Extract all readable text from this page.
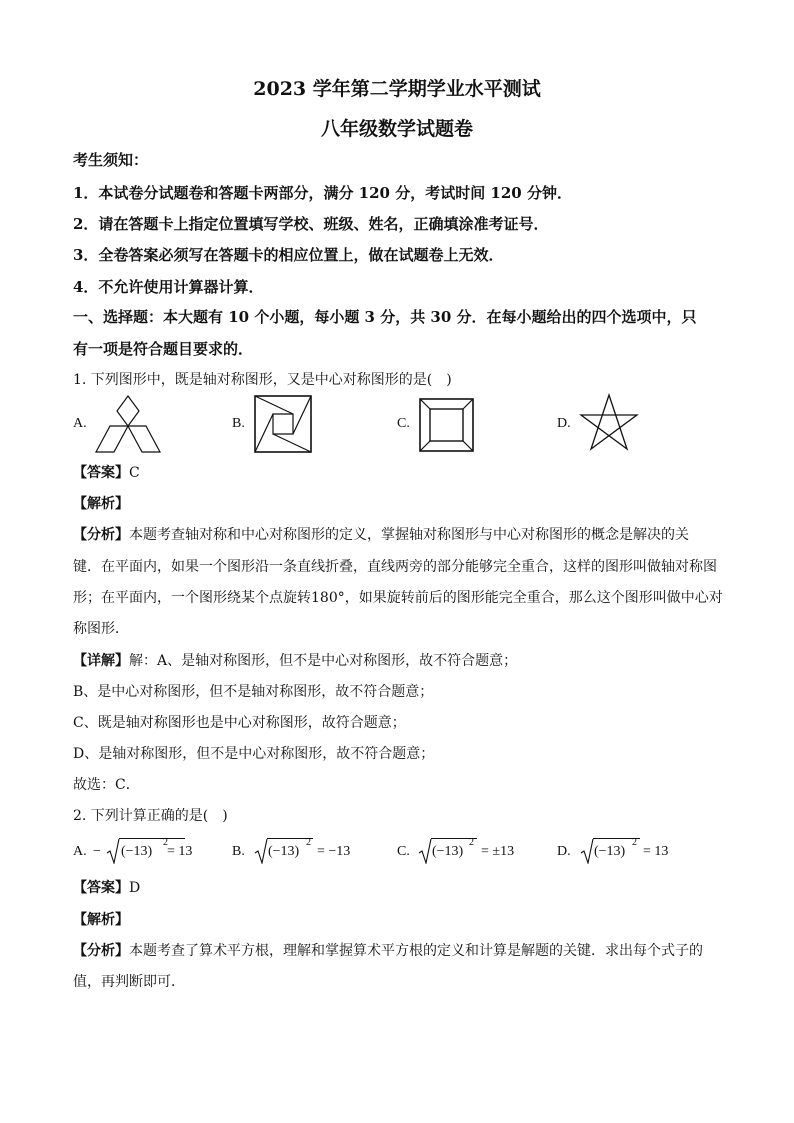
2023 学年第二学期学业水平测试
八年级数学试题卷
考生须知：
1．本试卷分试题卷和答题卡两部分，满分 120 分，考试时间 120 分钟．
2．请在答题卡上指定位置填写学校、班级、姓名，正确填涂准考证号．
3．全卷答案必须写在答题卡的相应位置上，做在试题卷上无效．
4．不允许使用计算器计算．
一、选择题：本大题有 10 个小题，每小题 3 分，共 30 分．在每小题给出的四个选项中，只
有一项是符合题目要求的．
1. 下列图形中，既是轴对称图形，又是中心对称图形的是(　)
A.	B.	C.	D.
【答案】C
【解析】
【分析】本题考查轴对称和中心对称图形的定义，掌握轴对称图形与中心对称图形的概念是解决的关
键．在平面内，如果一个图形沿一条直线折叠，直线两旁的部分能够完全重合，这样的图形叫做轴对称图
形；在平面内，一个图形绕某个点旋转180°，如果旋转前后的图形能完全重合，那么这个图形叫做中心对
称图形．
【详解】解：A、是轴对称图形，但不是中心对称图形，故不符合题意；
B、是中心对称图形，但不是轴对称图形，故不符合题意；
C、既是轴对称图形也是中心对称图形，故符合题意；
D、是轴对称图形，但不是中心对称图形，故不符合题意；
故选：C．
2. 下列计算正确的是(　)
A. − (−13)
2
= 13	B. (−13)
2
= −13	C. (−13)
2
= ±13	D. (−13)
2
= 13
【答案】D
【解析】
【分析】本题考查了算术平方根，理解和掌握算术平方根的定义和计算是解题的关键．求出每个式子的
值，再判断即可．
